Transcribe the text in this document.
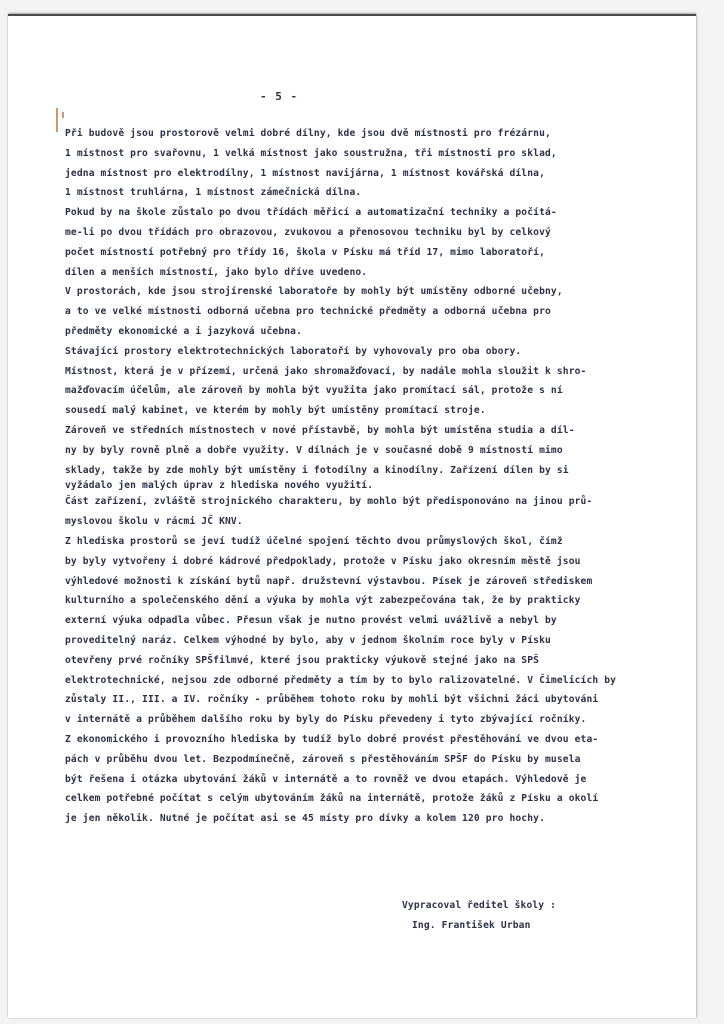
- 5 -
Při budově jsou prostorově velmi dobré dílny, kde jsou dvě místnosti pro frézárnu,
1 místnost pro svařovnu, 1 velká místnost jako soustružna, tři místnosti pro sklad,
jedna místnost pro elektrodílny, 1 místnost navijárna, 1 místnost kovářská dílna,
1 místnost truhlárna, 1 místnost zámečnická dílna.
Pokud by na škole zůstalo po dvou třídách měřicí a automatizační techniky a počítá-
me-li po dvou třídách pro obrazovou, zvukovou a přenosovou techniku byl by celkový
počet místností potřebný pro třídy 16, škola v Písku má tříd 17, mimo laboratoří,
dílen a menších místností, jako bylo dříve uvedeno.
V prostorách, kde jsou strojírenské laboratoře by mohly být umístěny odborné učebny,
a to ve velké místnosti odborná učebna pro technické předměty a odborná učebna pro
předměty ekonomické a i jazyková učebna.
Stávající prostory elektrotechnických laboratoří by vyhovovaly pro oba obory.
Místnost, která je v přízemí, určená jako shromažďovací, by nadále mohla sloužit k shro-
mažďovacím účelům, ale zároveň by mohla být využita jako promítací sál, protože s ní
sousedí malý kabinet, ve kterém by mohly být umístěny promítací stroje.
Zároveň ve středních místnostech v nové přístavbě, by mohla být umístěna studia a díl-
ny by byly rovně plně a dobře využity. V dílnách je v současné době 9 místností mimo
sklady, takže by zde mohly být umístěny i fotodílny a kinodílny. Zařízení dílen by si
vyžádalo jen malých úprav z hlediska nového využití.
Část zařízení, zvláště strojnického charakteru, by mohlo být předisponováno na jinou prů-
myslovou školu v rácmi JČ KNV.
Z hlediska prostorů se jeví tudíž účelné spojení těchto dvou průmyslových škol, čímž
by byly vytvořeny i dobré kádrové předpoklady, protože v Písku jako okresním městě jsou
výhledové možnosti k získání bytů např. družstevní výstavbou. Písek je zároveň střediskem
kulturního a společenského dění a výuka by mohla výt zabezpečována tak, že by prakticky
externí výuka odpadla vůbec. Přesun však je nutno provést velmi uvážlivě a nebyl by
proveditelný naráz. Celkem výhodné by bylo, aby v jednom školním roce byly v Písku
otevřeny prvé ročníky SPŠfilmvé, které jsou prakticky výukově stejné jako na SPŠ
elektrotechnické, nejsou zde odborné předměty a tím by to bylo ralizovatelné. V Čimelicích by
zůstaly II., III. a IV. ročníky - průběhem tohoto roku by mohli být všichni žáci ubytováni
v internátě a průběhem dalšího roku by byly do Písku převedeny i tyto zbývající ročníky.
Z ekonomického i provozního hlediska by tudíž bylo dobré provést přestěhování ve dvou eta-
pách v průběhu dvou let. Bezpodmínečně, zároveň s přestěhováním SPŠF do Písku by musela
být řešena i otázka ubytování žáků v internátě a to rovněž ve dvou etapách. Výhledově je
celkem potřebné počítat s celým ubytováním žáků na internátě, protože žáků z Písku a okolí
je jen několik. Nutné je počítat asi se 45 místy pro dívky a kolem 120 pro hochy.
Vypracoval ředitel školy :
Ing. František Urban
